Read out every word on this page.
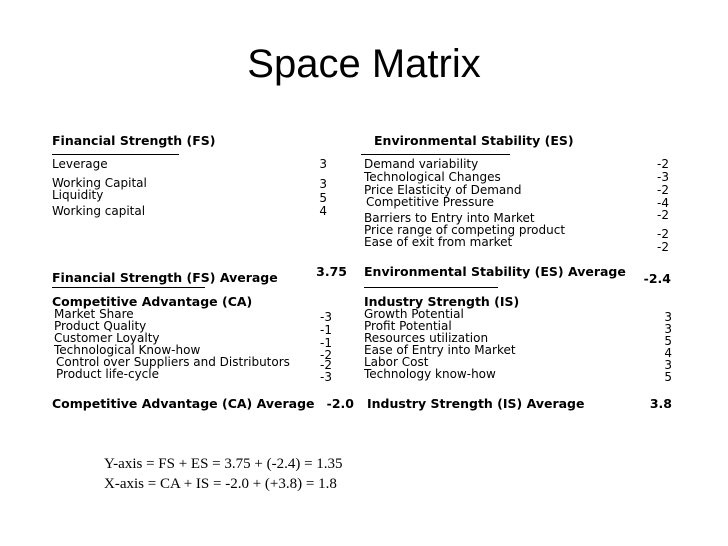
Space Matrix
Financial Strength (FS)
Leverage	3
Working Capital	3
Liquidity	5
Working capital	4
Financial Strength (FS) Average	3.75
Environmental Stability (ES)
Demand variability	-2
Technological Changes	-3
Price Elasticity of Demand	-2
Competitive Pressure	-4
Barriers to Entry into Market	-2
Price range of competing product	-2
Ease of exit from market	-2
Environmental Stability (ES) Average	-2.4
Competitive Advantage (CA)
Market Share	-3
Product Quality	-1
Customer Loyalty	-1
Technological Know-how	-2
Control over Suppliers and Distributors	-2
Product life-cycle	-3
Competitive Advantage (CA) Average -2.0
Industry Strength (IS)
Growth Potential	3
Profit Potential	3
Resources utilization	5
Ease of Entry into Market	4
Labor Cost	3
Technology know-how	5
Industry Strength (IS) Average	3.8
Y-axis = FS + ES = 3.75 + (-2.4) = 1.35
X-axis = CA + IS = -2.0 + (+3.8) = 1.8
